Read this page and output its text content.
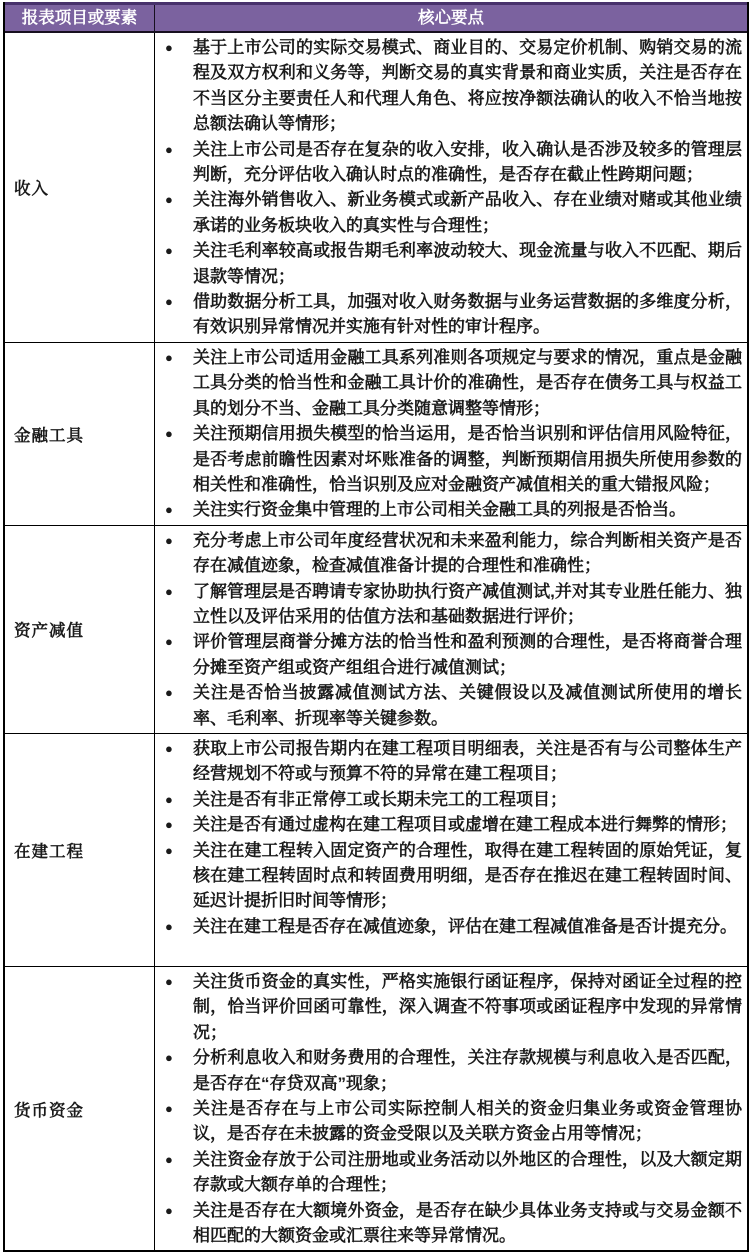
报表项目或要素	核心要点
收入
●	基于上市公司的实际交易模式、商业目的、交易定价机制、购销交易的流程及双方权利和义务等，判断交易的真实背景和商业实质，关注是否存在不当区分主要责任人和代理人角色、将应按净额法确认的收入不恰当地按总额法确认等情形；
●	关注上市公司是否存在复杂的收入安排，收入确认是否涉及较多的管理层判断，充分评估收入确认时点的准确性，是否存在截止性跨期问题；
●	关注海外销售收入、新业务模式或新产品收入、存在业绩对赌或其他业绩承诺的业务板块收入的真实性与合理性；
●	关注毛利率较高或报告期毛利率波动较大、现金流量与收入不匹配、期后退款等情况；
●	借助数据分析工具，加强对收入财务数据与业务运营数据的多维度分析，有效识别异常情况并实施有针对性的审计程序。
金融工具
●	关注上市公司适用金融工具系列准则各项规定与要求的情况，重点是金融工具分类的恰当性和金融工具计价的准确性，是否存在债务工具与权益工具的划分不当、金融工具分类随意调整等情形；
●	关注预期信用损失模型的恰当运用，是否恰当识别和评估信用风险特征，是否考虑前瞻性因素对坏账准备的调整，判断预期信用损失所使用参数的相关性和准确性，恰当识别及应对金融资产减值相关的重大错报风险；
●	关注实行资金集中管理的上市公司相关金融工具的列报是否恰当。
资产减值
●	充分考虑上市公司年度经营状况和未来盈利能力，综合判断相关资产是否存在减值迹象，检查减值准备计提的合理性和准确性；
●	了解管理层是否聘请专家协助执行资产减值测试,并对其专业胜任能力、独立性以及评估采用的估值方法和基础数据进行评价；
●	评价管理层商誉分摊方法的恰当性和盈利预测的合理性，是否将商誉合理分摊至资产组或资产组组合进行减值测试；
●	关注是否恰当披露减值测试方法、关键假设以及减值测试所使用的增长率、毛利率、折现率等关键参数。
在建工程
●	获取上市公司报告期内在建工程项目明细表，关注是否有与公司整体生产经营规划不符或与预算不符的异常在建工程项目；
●	关注是否有非正常停工或长期未完工的工程项目；
●	关注是否有通过虚构在建工程项目或虚增在建工程成本进行舞弊的情形；
●	关注在建工程转入固定资产的合理性，取得在建工程转固的原始凭证，复核在建工程转固时点和转固费用明细，是否存在推迟在建工程转固时间、延迟计提折旧时间等情形；
●	关注在建工程是否存在减值迹象，评估在建工程减值准备是否计提充分。
货币资金
●	关注货币资金的真实性，严格实施银行函证程序，保持对函证全过程的控制，恰当评价回函可靠性，深入调查不符事项或函证程序中发现的异常情况；
●	分析利息收入和财务费用的合理性，关注存款规模与利息收入是否匹配，是否存在“存贷双高”现象；
●	关注是否存在与上市公司实际控制人相关的资金归集业务或资金管理协议，是否存在未披露的资金受限以及关联方资金占用等情况；
●	关注资金存放于公司注册地或业务活动以外地区的合理性，以及大额定期存款或大额存单的合理性；
●	关注是否存在大额境外资金，是否存在缺少具体业务支持或与交易金额不相匹配的大额资金或汇票往来等异常情况。
